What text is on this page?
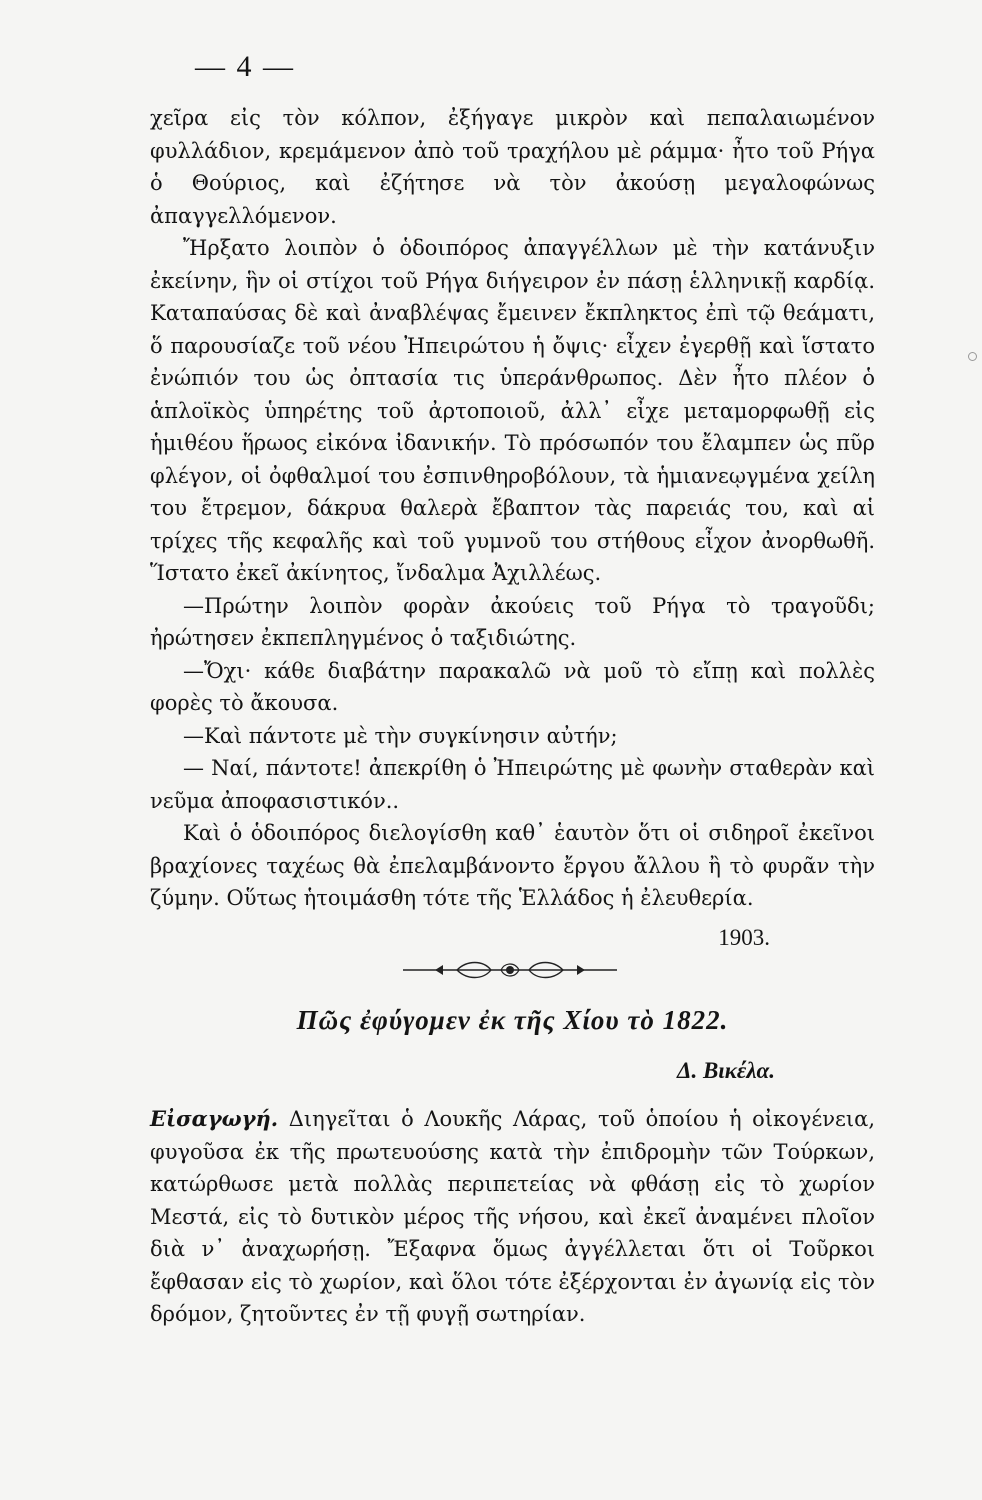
— 4 —

χεῖρα εἰς τὸν κόλπον, ἐξήγαγε μικρὸν καὶ πεπαλαιωμένον φυλλάδιον, κρεμάμενον ἀπὸ τοῦ τραχήλου μὲ ράμμα· ἦτο τοῦ Ρήγα ὁ Θούριος, καὶ ἐζήτησε νὰ τὸν ἀκούσῃ μεγαλοφώνως ἀπαγγελλόμενον.

Ἤρξατο λοιπὸν ὁ ὁδοιπόρος ἀπαγγέλλων μὲ τὴν κατάνυξιν ἐκείνην, ἣν οἱ στίχοι τοῦ Ρήγα διήγειρον ἐν πάσῃ ἑλληνικῇ καρδίᾳ. Καταπαύσας δὲ καὶ ἀναβλέψας ἔμεινεν ἔκπληκτος ἐπὶ τῷ θεάματι, ὅ παρουσίαζε τοῦ νέου Ἠπειρώτου ἡ ὄψις· εἶχεν ἐγερθῇ καὶ ἵστατο ἐνώπιόν του ὡς ὀπτασία τις ὑπεράνθρωπος. Δὲν ἦτο πλέον ὁ ἁπλοϊκὸς ὑπηρέτης τοῦ ἀρτοποιοῦ, ἀλλ᾽ εἶχε μεταμορφωθῇ εἰς ἡμιθέου ἥρωος εἰκόνα ἰδανικήν. Τὸ πρόσωπόν του ἔλαμπεν ὡς πῦρ φλέγον, οἱ ὀφθαλμοί του ἐσπινθηροβόλουν, τὰ ἡμιανεῳγμένα χείλη του ἔτρεμον, δάκρυα θαλερὰ ἔβαπτον τὰς παρειάς του, καὶ αἱ τρίχες τῆς κεφαλῆς καὶ τοῦ γυμνοῦ του στήθους εἶχον ἀνορθωθῆ. Ἵστατο ἐκεῖ ἀκίνητος, ἴνδαλμα Ἀχιλλέως.

—Πρώτην λοιπὸν φορὰν ἀκούεις τοῦ Ρήγα τὸ τραγοῦδι; ἠρώτησεν ἐκπεπληγμένος ὁ ταξιδιώτης.

—Ὄχι· κάθε διαβάτην παρακαλῶ νὰ μοῦ τὸ εἴπῃ καὶ πολλὲς φορὲς τὸ ἄκουσα.

—Καὶ πάντοτε μὲ τὴν συγκίνησιν αὐτήν;

— Ναί, πάντοτε! ἀπεκρίθη ὁ Ἠπειρώτης μὲ φωνὴν σταθερὰν καὶ νεῦμα ἀποφασιστικόν..

Καὶ ὁ ὁδοιπόρος διελογίσθη καθ᾽ ἑαυτὸν ὅτι οἱ σιδηροῖ ἐκεῖνοι βραχίονες ταχέως θὰ ἐπελαμβάνοντο ἔργου ἄλλου ἢ τὸ φυρᾶν τὴν ζύμην. Οὕτως ἡτοιμάσθη τότε τῆς Ἑλλάδος ἡ ἐλευθερία.

1903.
Πῶς ἐφύγομεν ἐκ τῆς Χίου τὸ 1822.
Δ. Βικέλα.

Εἰσαγωγή. Διηγεῖται ὁ Λουκῆς Λάρας, τοῦ ὁποίου ἡ οἰκογένεια, φυγοῦσα ἐκ τῆς πρωτευούσης κατὰ τὴν ἐπιδρομὴν τῶν Τούρκων, κατώρθωσε μετὰ πολλὰς περιπετείας νὰ φθάσῃ εἰς τὸ χωρίον Μεστά, εἰς τὸ δυτικὸν μέρος τῆς νήσου, καὶ ἐκεῖ ἀναμένει πλοῖον διὰ ν᾽ ἀναχωρήσῃ. Ἔξαφνα ὅμως ἀγγέλλεται ὅτι οἱ Τοῦρκοι ἔφθασαν εἰς τὸ χωρίον, καὶ ὅλοι τότε ἐξέρχονται ἐν ἀγωνίᾳ εἰς τὸν δρόμον, ζητοῦντες ἐν τῇ φυγῇ σωτηρίαν.
